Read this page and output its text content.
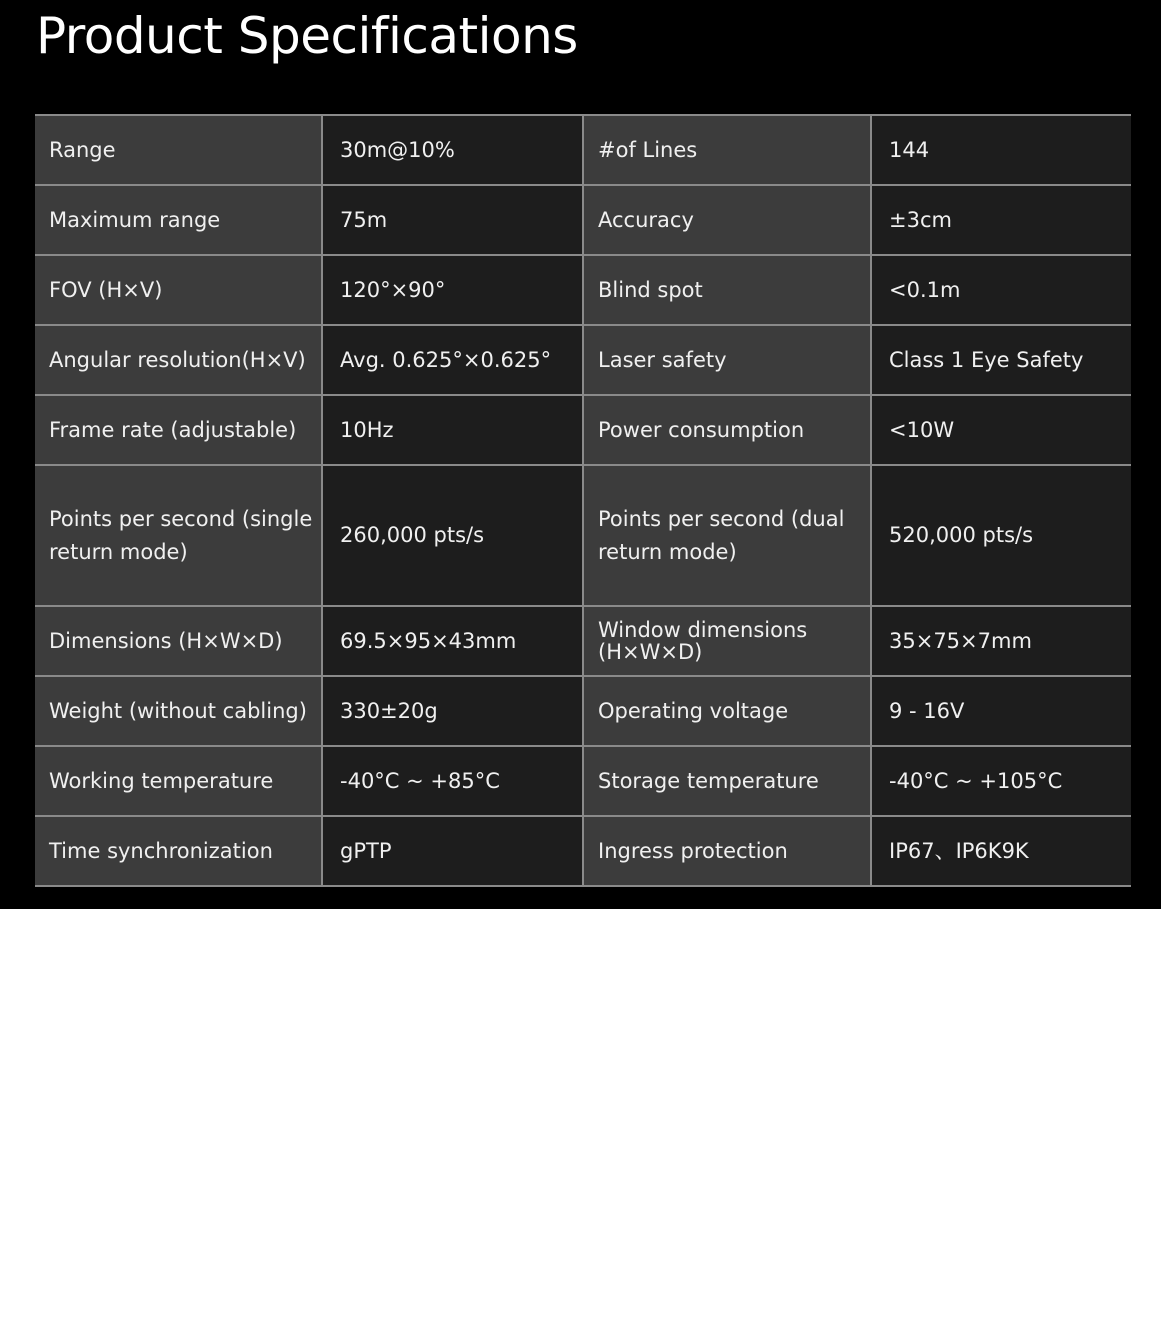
Product Specifications
Range	30m@10%	#of Lines	144
Maximum range	75m	Accuracy	±3cm
FOV (H×V)	120°×90°	Blind spot	<0.1m
Angular resolution(H×V)	Avg. 0.625°×0.625°	Laser safety	Class 1 Eye Safety
Frame rate (adjustable)	10Hz	Power consumption	<10W
Points per second (single return mode)	260,000 pts/s	Points per second (dual return mode)	520,000 pts/s
Dimensions (H×W×D)	69.5×95×43mm	Window dimensions (H×W×D)	35×75×7mm
Weight (without cabling)	330±20g	Operating voltage	9 - 16V
Working temperature	-40°C ~ +85°C	Storage temperature	-40°C ~ +105°C
Time synchronization	gPTP	Ingress protection	IP67、IP6K9K
